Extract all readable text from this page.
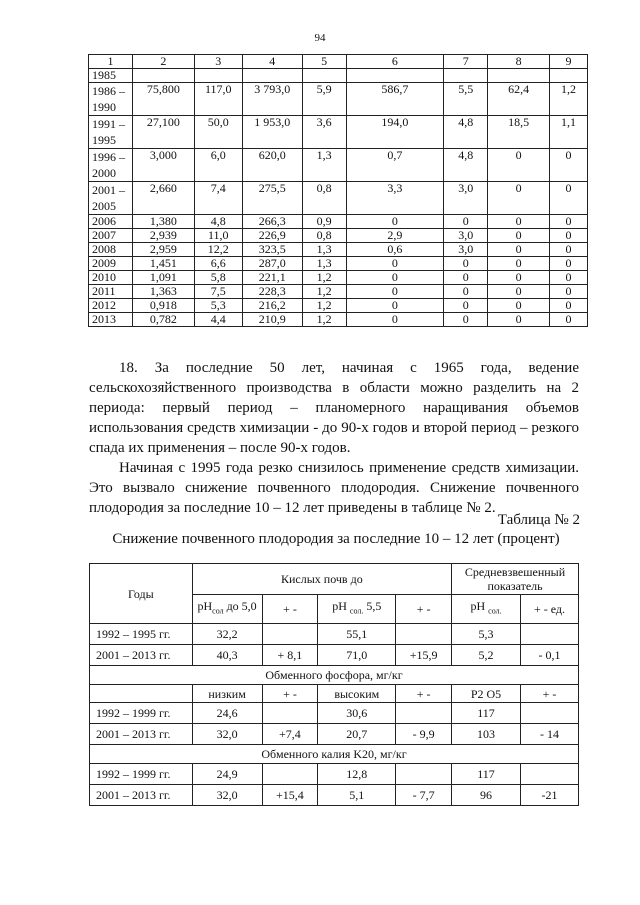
94
1	2	3	4	5	6	7	8	9
1985								
1986 – 1990	75,800	117,0	3 793,0	5,9	586,7	5,5	62,4	1,2
1991 – 1995	27,100	50,0	1 953,0	3,6	194,0	4,8	18,5	1,1
1996 – 2000	3,000	6,0	620,0	1,3	0,7	4,8	0	0
2001 – 2005	2,660	7,4	275,5	0,8	3,3	3,0	0	0
2006	1,380	4,8	266,3	0,9	0	0	0	0
2007	2,939	11,0	226,9	0,8	2,9	3,0	0	0
2008	2,959	12,2	323,5	1,3	0,6	3,0	0	0
2009	1,451	6,6	287,0	1,3	0	0	0	0
2010	1,091	5,8	221,1	1,2	0	0	0	0
2011	1,363	7,5	228,3	1,2	0	0	0	0
2012	0,918	5,3	216,2	1,2	0	0	0	0
2013	0,782	4,4	210,9	1,2	0	0	0	0

18. За последние 50 лет, начиная с 1965 года, ведение сельскохозяйственного производства в области можно разделить на 2 периода: первый период – планомерного наращивания объемов использования средств химизации - до 90-х годов и второй период – резкого спада их применения – после 90-х годов.

Начиная с 1995 года резко снизилось применение средств химизации. Это вызвало снижение почвенного плодородия. Снижение почвенного плодородия за последние 10 – 12 лет приведены в таблице № 2.

Таблица № 2
Снижение почвенного плодородия за последние 10 – 12 лет (процент)
Годы	Кислых почв до				Средневзвешенный показатель	
	$pH_{сол}$ до 5,0	+ -	pH $_{сол.}$ 5,5	+ -	pH $_{сол.}$	+ - ед.
1992 – 1995 гг.	32,2		55,1		5,3	
2001 – 2013 гг.	40,3	+ 8,1	71,0	+15,9	5,2	- 0,1
Обменного фосфора, мг/кг						
	низким	+ -	высоким	+ -	P2 O5	+ -
1992 – 1999 гг.	24,6		30,6		117	
2001 – 2013 гг.	32,0	+7,4	20,7	- 9,9	103	- 14
Обменного калия K20, мг/кг						
1992 – 1999 гг.	24,9		12,8		117	
2001 – 2013 гг.	32,0	+15,4	5,1	- 7,7	96	-21
